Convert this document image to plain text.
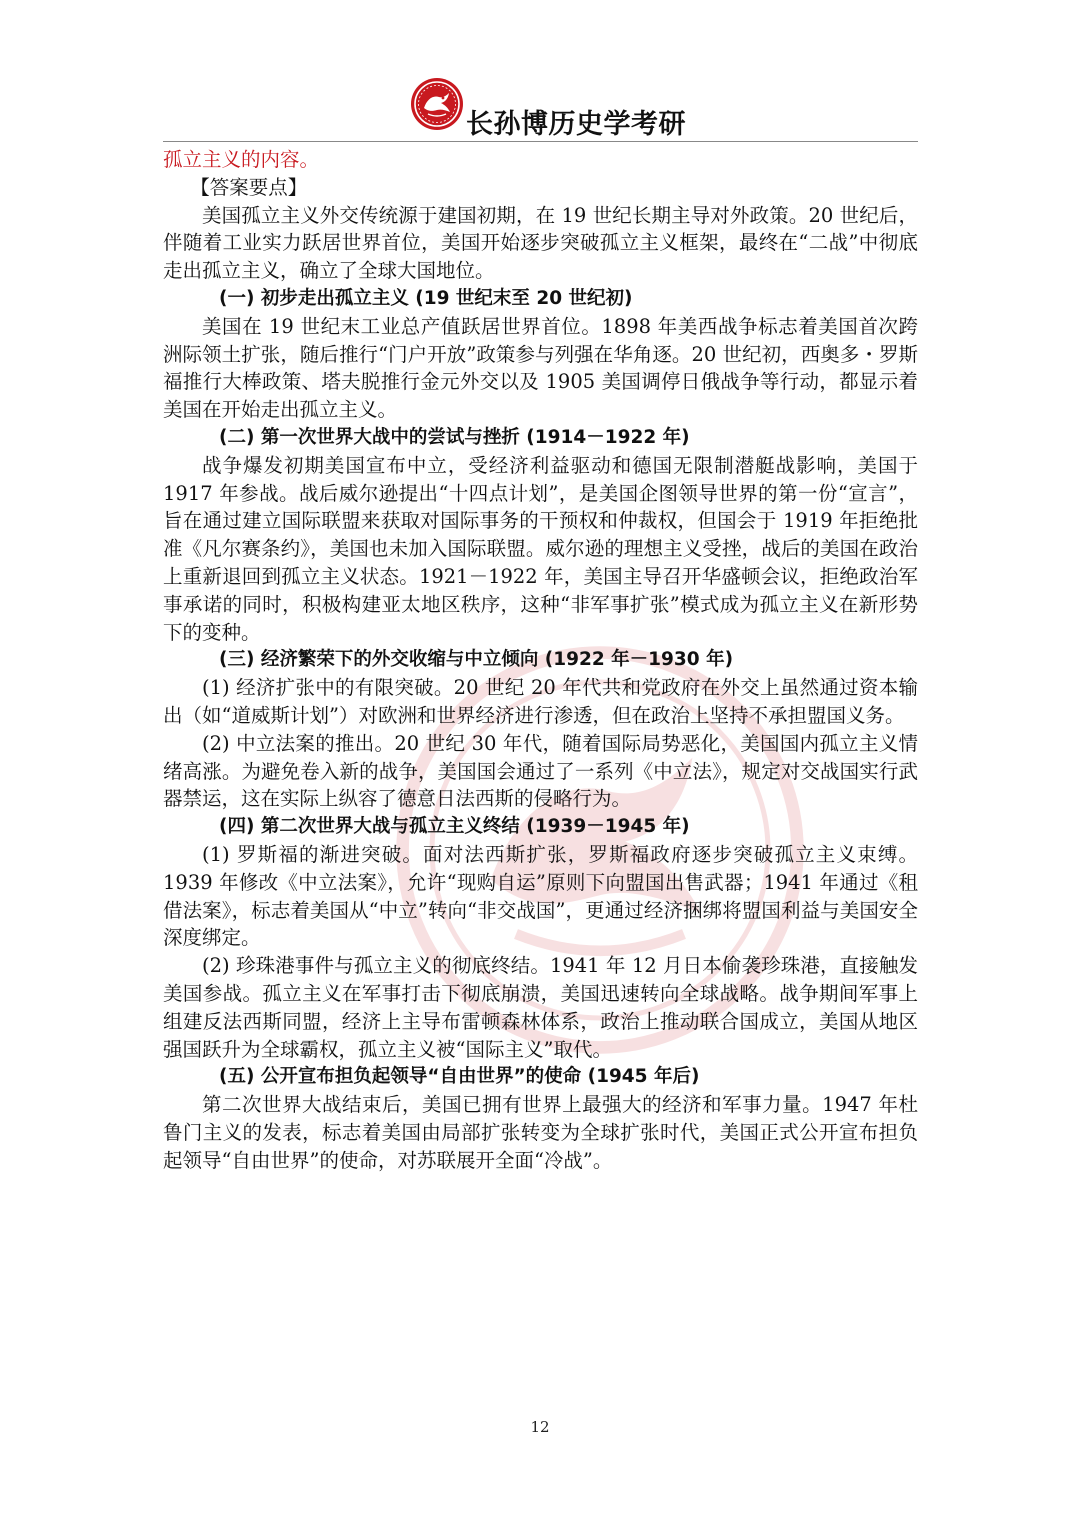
长孙博历史学考研

孤立主义的内容。

【答案要点】

美国孤立主义外交传统源于建国初期，在 19 世纪长期主导对外政策。20 世纪后，伴随着工业实力跃居世界首位，美国开始逐步突破孤立主义框架，最终在“二战”中彻底走出孤立主义，确立了全球大国地位。

(一) 初步走出孤立主义 (19 世纪末至 20 世纪初)

美国在 19 世纪末工业总产值跃居世界首位。1898 年美西战争标志着美国首次跨洲际领土扩张，随后推行“门户开放”政策参与列强在华角逐。20 世纪初，西奥多・罗斯福推行大棒政策、塔夫脱推行金元外交以及 1905 美国调停日俄战争等行动，都显示着美国在开始走出孤立主义。

(二) 第一次世界大战中的尝试与挫折 (1914－1922 年)

战争爆发初期美国宣布中立，受经济利益驱动和德国无限制潜艇战影响，美国于 1917 年参战。战后威尔逊提出“十四点计划”，是美国企图领导世界的第一份“宣言”，旨在通过建立国际联盟来获取对国际事务的干预权和仲裁权，但国会于 1919 年拒绝批准《凡尔赛条约》，美国也未加入国际联盟。威尔逊的理想主义受挫，战后的美国在政治上重新退回到孤立主义状态。1921－1922 年，美国主导召开华盛顿会议，拒绝政治军事承诺的同时，积极构建亚太地区秩序，这种“非军事扩张”模式成为孤立主义在新形势下的变种。

(三) 经济繁荣下的外交收缩与中立倾向 (1922 年－1930 年)

(1) 经济扩张中的有限突破。20 世纪 20 年代共和党政府在外交上虽然通过资本输出（如“道威斯计划”）对欧洲和世界经济进行渗透，但在政治上坚持不承担盟国义务。

(2) 中立法案的推出。20 世纪 30 年代，随着国际局势恶化，美国国内孤立主义情绪高涨。为避免卷入新的战争，美国国会通过了一系列《中立法》，规定对交战国实行武器禁运，这在实际上纵容了德意日法西斯的侵略行为。

(四) 第二次世界大战与孤立主义终结 (1939－1945 年)

(1) 罗斯福的渐进突破。面对法西斯扩张，罗斯福政府逐步突破孤立主义束缚。1939 年修改《中立法案》，允许“现购自运”原则下向盟国出售武器；1941 年通过《租借法案》，标志着美国从“中立”转向“非交战国”，更通过经济捆绑将盟国利益与美国安全深度绑定。

(2) 珍珠港事件与孤立主义的彻底终结。1941 年 12 月日本偷袭珍珠港，直接触发美国参战。孤立主义在军事打击下彻底崩溃，美国迅速转向全球战略。战争期间军事上组建反法西斯同盟，经济上主导布雷顿森林体系，政治上推动联合国成立，美国从地区强国跃升为全球霸权，孤立主义被“国际主义”取代。

(五) 公开宣布担负起领导“自由世界”的使命 (1945 年后)

第二次世界大战结束后，美国已拥有世界上最强大的经济和军事力量。1947 年杜鲁门主义的发表，标志着美国由局部扩张转变为全球扩张时代，美国正式公开宣布担负起领导“自由世界”的使命，对苏联展开全面“冷战”。

12
